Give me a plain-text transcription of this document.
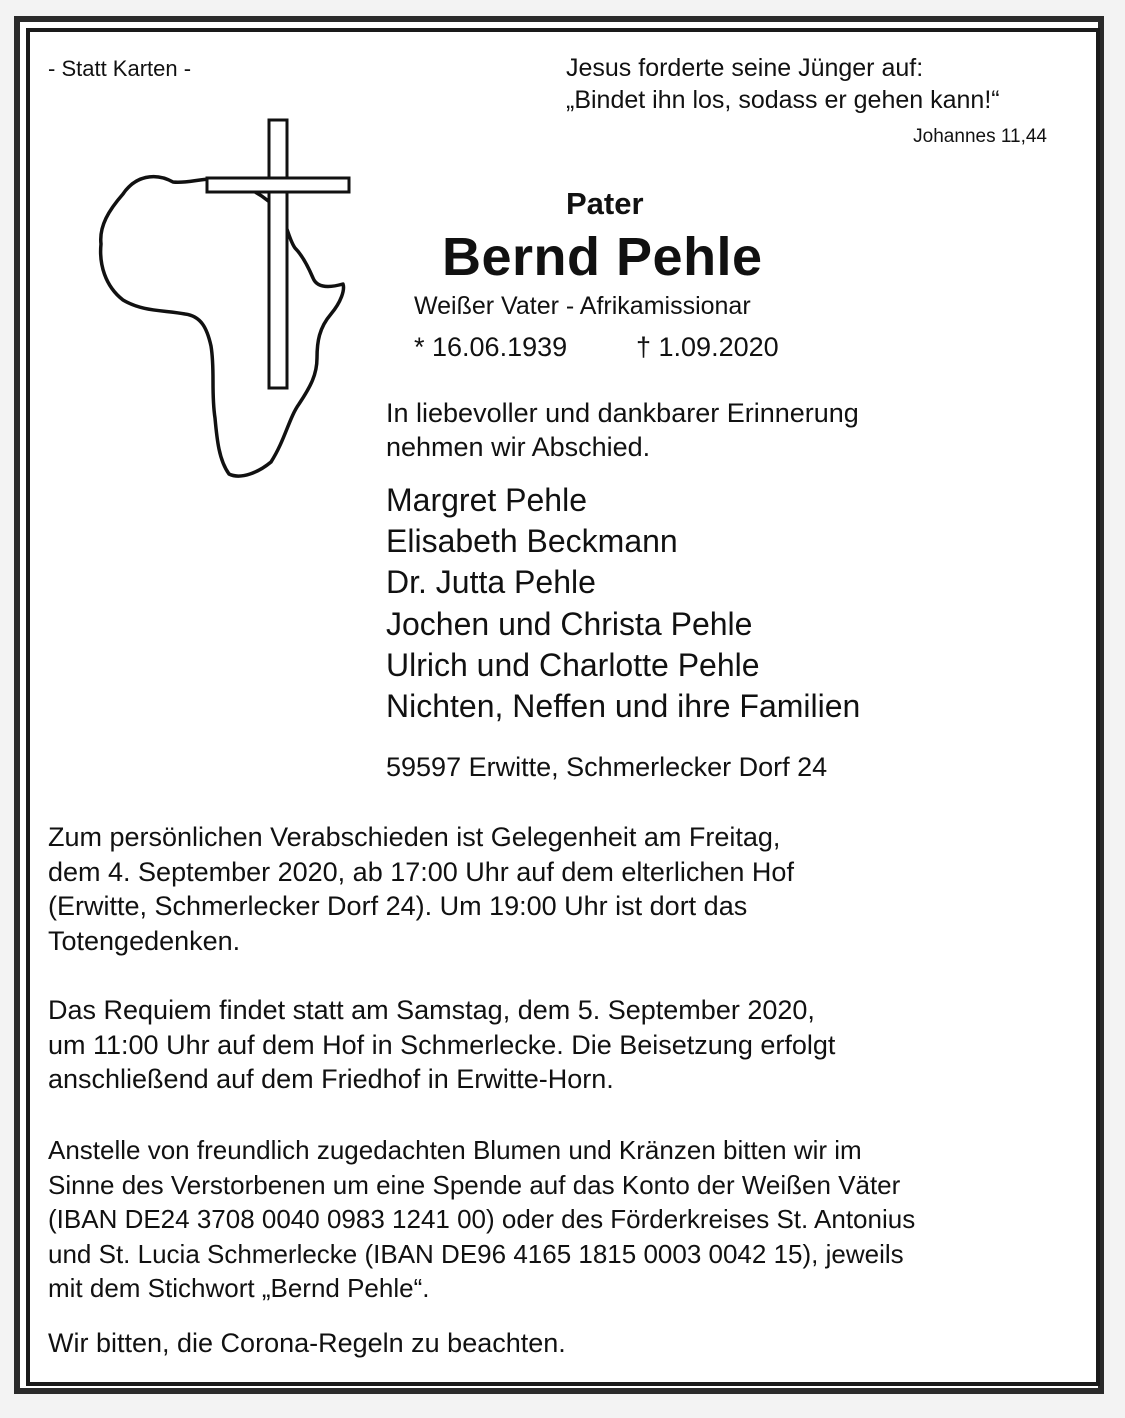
- Statt Karten -	Jesus forderte seine Jünger auf:
„Bindet ihn los, sodass er gehen kann!“
Johannes 11,44
Pater
Bernd Pehle
Weißer Vater - Afrikamissionar
* 16.06.1939	† 1.09.2020
In liebevoller und dankbarer Erinnerung
nehmen wir Abschied.
Margret Pehle
Elisabeth Beckmann
Dr. Jutta Pehle
Jochen und Christa Pehle
Ulrich und Charlotte Pehle
Nichten, Neffen und ihre Familien
59597 Erwitte, Schmerlecker Dorf 24
Zum persönlichen Verabschieden ist Gelegenheit am Freitag,
dem 4. September 2020, ab 17:00 Uhr auf dem elterlichen Hof
(Erwitte, Schmerlecker Dorf 24). Um 19:00 Uhr ist dort das
Totengedenken.
Das Requiem findet statt am Samstag, dem 5. September 2020,
um 11:00 Uhr auf dem Hof in Schmerlecke. Die Beisetzung erfolgt
anschließend auf dem Friedhof in Erwitte-Horn.
Anstelle von freundlich zugedachten Blumen und Kränzen bitten wir im
Sinne des Verstorbenen um eine Spende auf das Konto der Weißen Väter
(IBAN DE24 3708 0040 0983 1241 00) oder des Förderkreises St. Antonius
und St. Lucia Schmerlecke (IBAN DE96 4165 1815 0003 0042 15), jeweils
mit dem Stichwort „Bernd Pehle“.
Wir bitten, die Corona-Regeln zu beachten.
